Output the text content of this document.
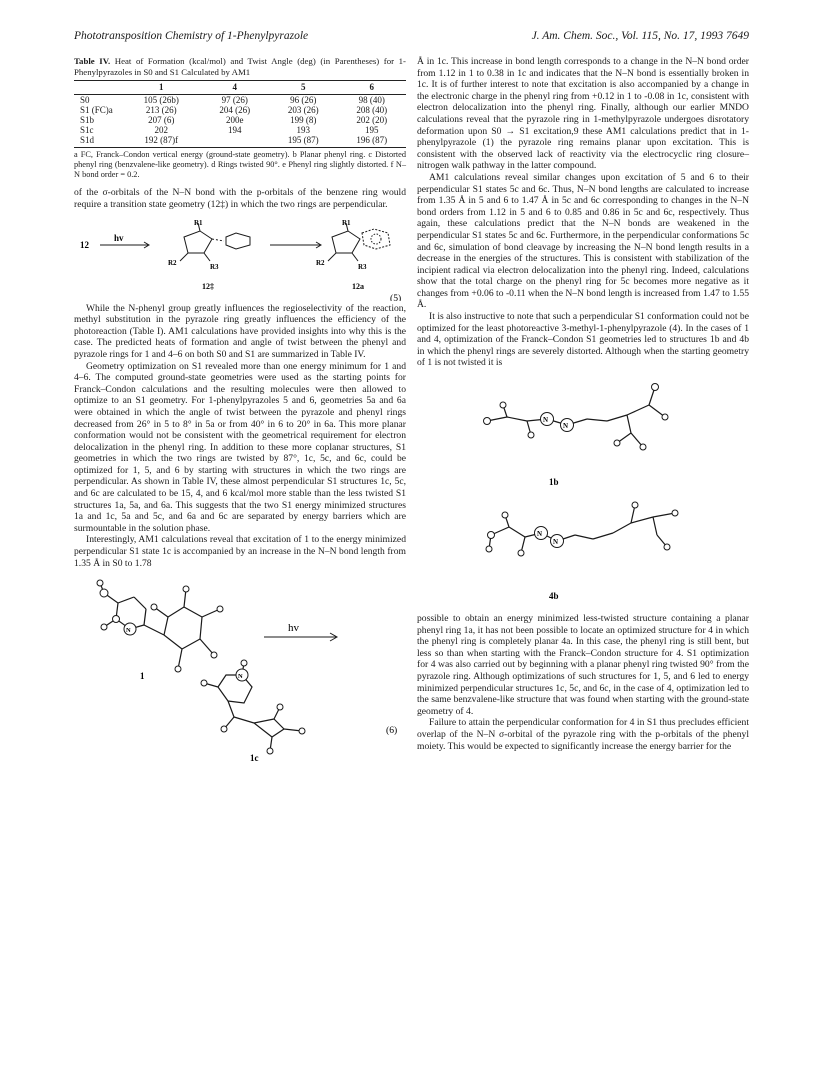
Phototransposition Chemistry of 1-Phenylpyrazole	J. Am. Chem. Soc., Vol. 115, No. 17, 1993 7649
Table IV. Heat of Formation (kcal/mol) and Twist Angle (deg) (in Parentheses) for 1-Phenylpyrazoles in S0 and S1 Calculated by AM1
	1	4	5	6
S0	105 (26b)	97 (26)	96 (26)	98 (40)
S1 (FC)a	213 (26)	204 (26)	203 (26)	208 (40)
S1b	207 (6)	200e	199 (8)	202 (20)
S1c	202	194	193	195
S1d	192 (87)f		195 (87)	196 (87)
a FC, Franck–Condon vertical energy (ground-state geometry). b Planar phenyl ring. c Distorted phenyl ring (benzvalene-like geometry). d Rings twisted 90°. e Phenyl ring slightly distorted. f N–N bond order = 0.2.

of the σ-orbitals of the N–N bond with the p-orbitals of the benzene ring would require a transition state geometry (12‡) in which the two rings are perpendicular.

12
hv
R1
R2	R3
R1
R2	R3
12‡	12a
(5)

While the N-phenyl group greatly influences the regioselectivity of the reaction, methyl substitution in the pyrazole ring greatly influences the efficiency of the photoreaction (Table I). AM1 calculations have provided insights into why this is the case. The predicted heats of formation and angle of twist between the phenyl and pyrazole rings for 1 and 4–6 on both S0 and S1 are summarized in Table IV.

Geometry optimization on S1 revealed more than one energy minimum for 1 and 4–6. The computed ground-state geometries were used as the starting points for Franck–Condon calculations and the resulting molecules were then allowed to optimize to an S1 geometry. For 1-phenylpyrazoles 5 and 6, geometries 5a and 6a were obtained in which the angle of twist between the pyrazole and phenyl rings decreased from 26° in 5 to 8° in 5a or from 40° in 6 to 20° in 6a. This more planar conformation would not be consistent with the geometrical requirement for electron delocalization in the phenyl ring. In addition to these more coplanar structures, S1 geometries in which the two rings are twisted by 87°, 1c, 5c, and 6c, could be optimized for 1, 5, and 6 by starting with structures in which the two rings are perpendicular. As shown in Table IV, these almost perpendicular S1 structures 1c, 5c, and 6c are calculated to be 15, 4, and 6 kcal/mol more stable than the less twisted S1 structures 1a, 5a, and 6a. This suggests that the two S1 energy minimized structures 1a and 1c, 5a and 5c, and 6a and 6c are separated by energy barriers which are surmountable in the solution phase.

Interestingly, AM1 calculations reveal that excitation of 1 to the energy minimized perpendicular S1 state 1c is accompanied by an increase in the N–N bond length from 1.35 Å in S0 to 1.78

N	hv
1	N
(6)
1c

Å in 1c. This increase in bond length corresponds to a change in the N–N bond order from 1.12 in 1 to 0.38 in 1c and indicates that the N–N bond is essentially broken in 1c. It is of further interest to note that excitation is also accompanied by a change in the electronic charge in the phenyl ring from +0.12 in 1 to -0.08 in 1c, consistent with electron delocalization into the phenyl ring. Finally, although our earlier MNDO calculations reveal that the pyrazole ring in 1-methylpyrazole undergoes disrotatory deformation upon S0 → S1 excitation,9 these AM1 calculations predict that in 1-phenylpyrazole (1) the pyrazole ring remains planar upon excitation. This is consistent with the observed lack of reactivity via the electrocyclic ring closure–nitrogen walk pathway in the latter compound.

AM1 calculations reveal similar changes upon excitation of 5 and 6 to their perpendicular S1 states 5c and 6c. Thus, N–N bond lengths are calculated to increase from 1.35 Å in 5 and 6 to 1.47 Å in 5c and 6c corresponding to changes in the N–N bond orders from 1.12 in 5 and 6 to 0.85 and 0.86 in 5c and 6c, respectively. Thus again, these calculations predict that the N–N bonds are weakened in the perpendicular S1 states 5c and 6c. Furthermore, in the perpendicular conformations 5c and 6c, simulation of bond cleavage by increasing the N–N bond length results in a decrease in the energies of the structures. This is consistent with stabilization of the incipient radical via electron delocalization into the phenyl ring. Indeed, calculations show that the total charge on the phenyl ring for 5c becomes more negative as it changes from +0.06 to -0.11 when the N–N bond length is increased from 1.47 to 1.55 Å.

It is also instructive to note that such a perpendicular S1 conformation could not be optimized for the least photoreactive 3-methyl-1-phenylpyrazole (4). In the cases of 1 and 4, optimization of the Franck–Condon S1 geometries led to structures 1b and 4b in which the phenyl rings are severely distorted. Although when the starting geometry of 1 is not twisted it is

N
N
1b
N
N
4b

possible to obtain an energy minimized less-twisted structure containing a planar phenyl ring 1a, it has not been possible to locate an optimized structure for 4 in which the phenyl ring is completely planar 4a. In this case, the phenyl ring is still bent, but less so than when starting with the Franck–Condon structure for 4. S1 optimization for 4 was also carried out by beginning with a planar phenyl ring twisted 90° from the pyrazole ring. Although optimizations of such structures for 1, 5, and 6 led to energy minimized perpendicular structures 1c, 5c, and 6c, in the case of 4, optimization led to the same benzvalene-like structure that was found when starting with the ground-state geometry of 4.

Failure to attain the perpendicular conformation for 4 in S1 thus precludes efficient overlap of the N–N σ-orbital of the pyrazole ring with the p-orbitals of the phenyl moiety. This would be expected to significantly increase the energy barrier for the
